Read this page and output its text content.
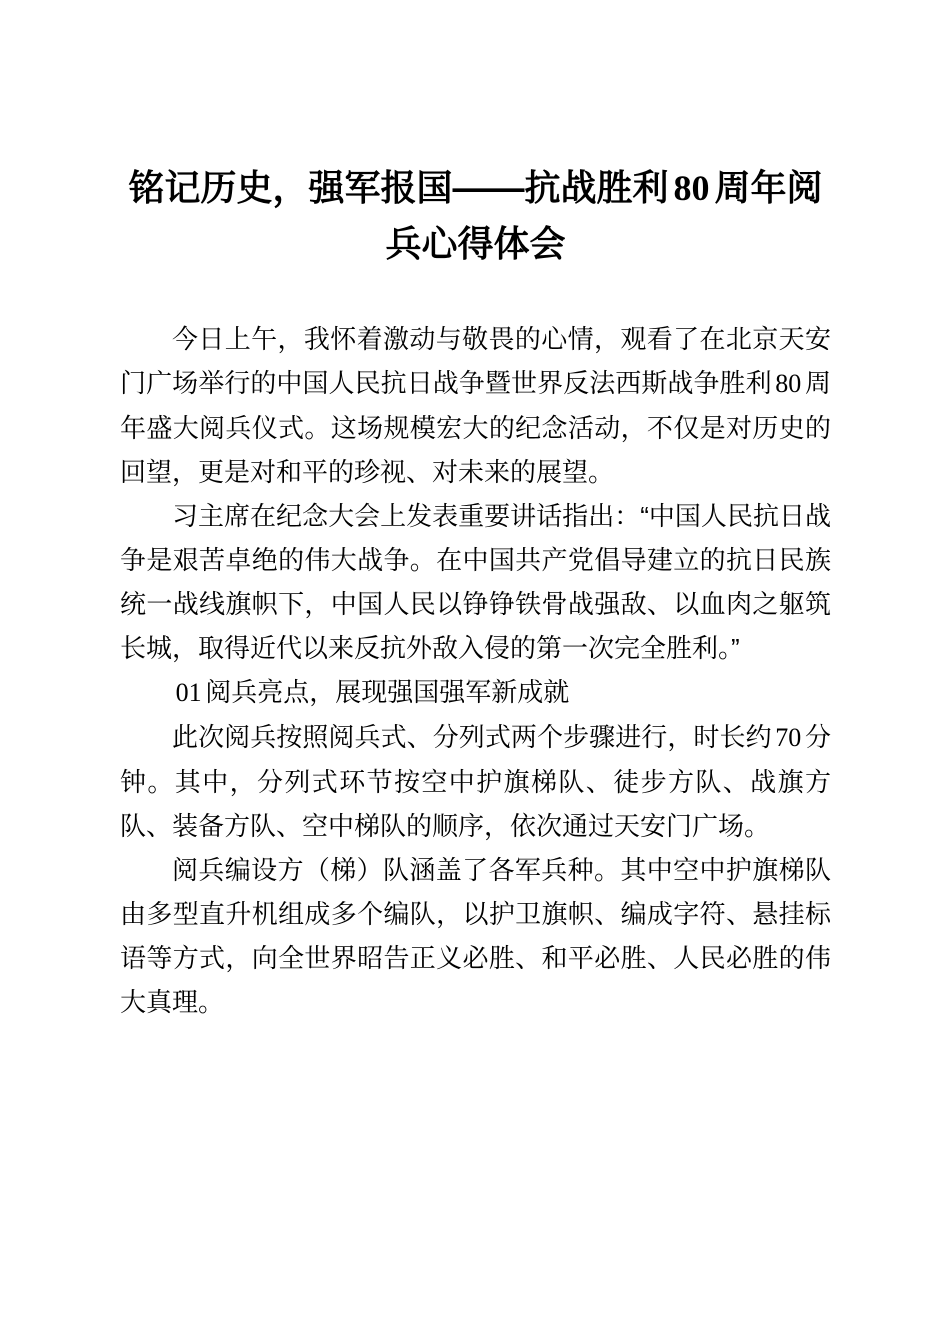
铭记历史，强军报国——抗战胜利 80 周年阅兵心得体会

今日上午，我怀着激动与敬畏的心情，观看了在北京天安门广场举行的中国人民抗日战争暨世界反法西斯战争胜利 80 周年盛大阅兵仪式。这场规模宏大的纪念活动，不仅是对历史的回望，更是对和平的珍视、对未来的展望。

习主席在纪念大会上发表重要讲话指出：“中国人民抗日战争是艰苦卓绝的伟大战争。在中国共产党倡导建立的抗日民族统一战线旗帜下，中国人民以铮铮铁骨战强敌、以血肉之躯筑长城，取得近代以来反抗外敌入侵的第一次完全胜利。”

01 阅兵亮点，展现强国强军新成就

此次阅兵按照阅兵式、分列式两个步骤进行，时长约 70 分钟。其中，分列式环节按空中护旗梯队、徒步方队、战旗方队、装备方队、空中梯队的顺序，依次通过天安门广场。

阅兵编设方（梯）队涵盖了各军兵种。其中空中护旗梯队由多型直升机组成多个编队，以护卫旗帜、编成字符、悬挂标语等方式，向全世界昭告正义必胜、和平必胜、人民必胜的伟大真理。
